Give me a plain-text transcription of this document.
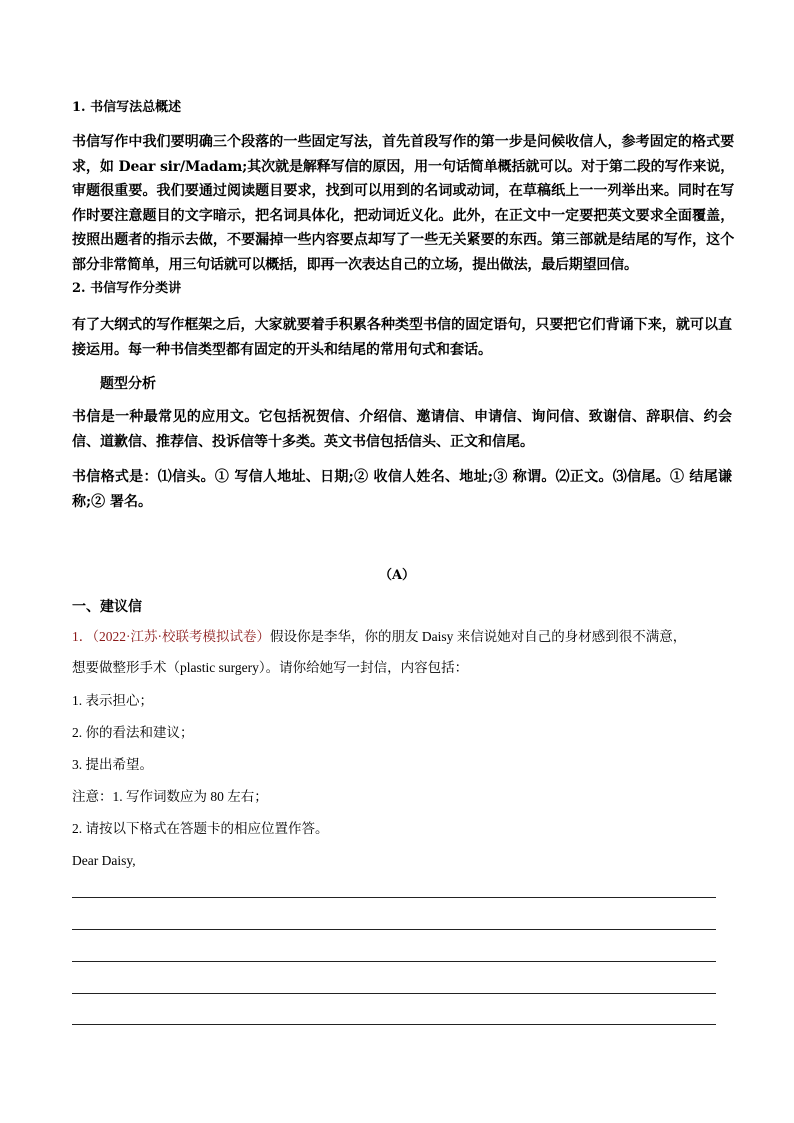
1. 书信写法总概述
书信写作中我们要明确三个段落的一些固定写法，首先首段写作的第一步是问候收信人，参考固定的格式要求，如 Dear sir/Madam;其次就是解释写信的原因，用一句话简单概括就可以。对于第二段的写作来说，审题很重要。我们要通过阅读题目要求，找到可以用到的名词或动词，在草稿纸上一一列举出来。同时在写作时要注意题目的文字暗示，把名词具体化，把动词近义化。此外，在正文中一定要把英文要求全面覆盖，按照出题者的指示去做，不要漏掉一些内容要点却写了一些无关紧要的东西。第三部就是结尾的写作，这个部分非常简单，用三句话就可以概括，即再一次表达自己的立场，提出做法，最后期望回信。
2. 书信写作分类讲
有了大纲式的写作框架之后，大家就要着手积累各种类型书信的固定语句，只要把它们背诵下来，就可以直接运用。每一种书信类型都有固定的开头和结尾的常用句式和套话。
题型分析
书信是一种最常见的应用文。它包括祝贺信、介绍信、邀请信、申请信、询问信、致谢信、辞职信、约会信、道歉信、推荐信、投诉信等十多类。英文书信包括信头、正文和信尾。
书信格式是：⑴信头。① 写信人地址、日期;② 收信人姓名、地址;③ 称谓。⑵正文。⑶信尾。① 结尾谦称;② 署名。
（A）
一、建议信
1．（2022·江苏·校联考模拟试卷）假设你是李华，你的朋友 Daisy 来信说她对自己的身材感到很不满意，
想要做整形手术（plastic surgery）。请你给她写一封信，内容包括：
1. 表示担心；
2. 你的看法和建议；
3. 提出希望。
注意：1. 写作词数应为 80 左右；
2. 请按以下格式在答题卡的相应位置作答。
Dear Daisy,
